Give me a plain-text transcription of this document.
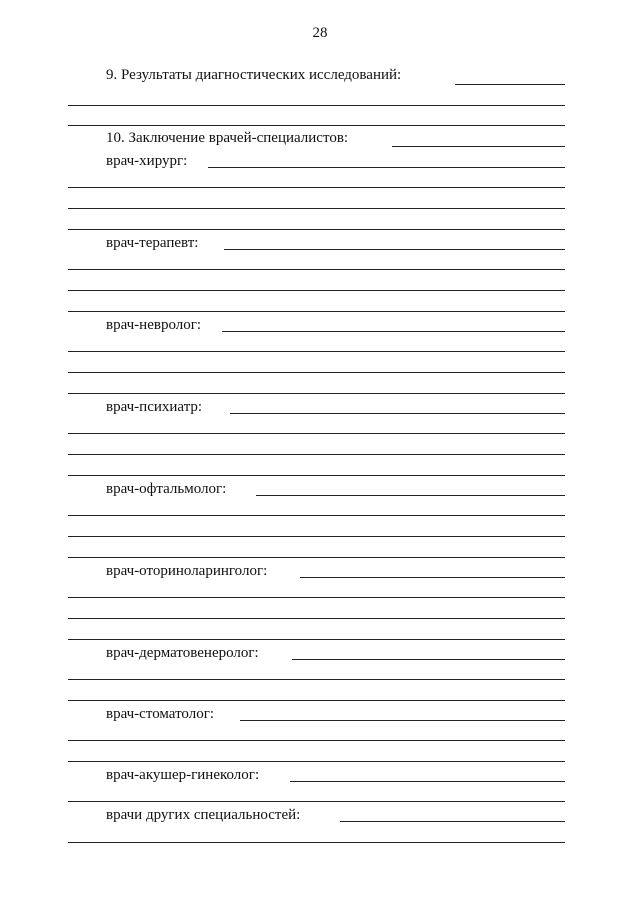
28
9. Результаты диагностических исследований:
10. Заключение врачей-специалистов:
врач-хирург:
врач-терапевт:
врач-невролог:
врач-психиатр:
врач-офтальмолог:
врач-оториноларинголог:
врач-дерматовенеролог:
врач-стоматолог:
врач-акушер-гинеколог:
врачи других специальностей:
